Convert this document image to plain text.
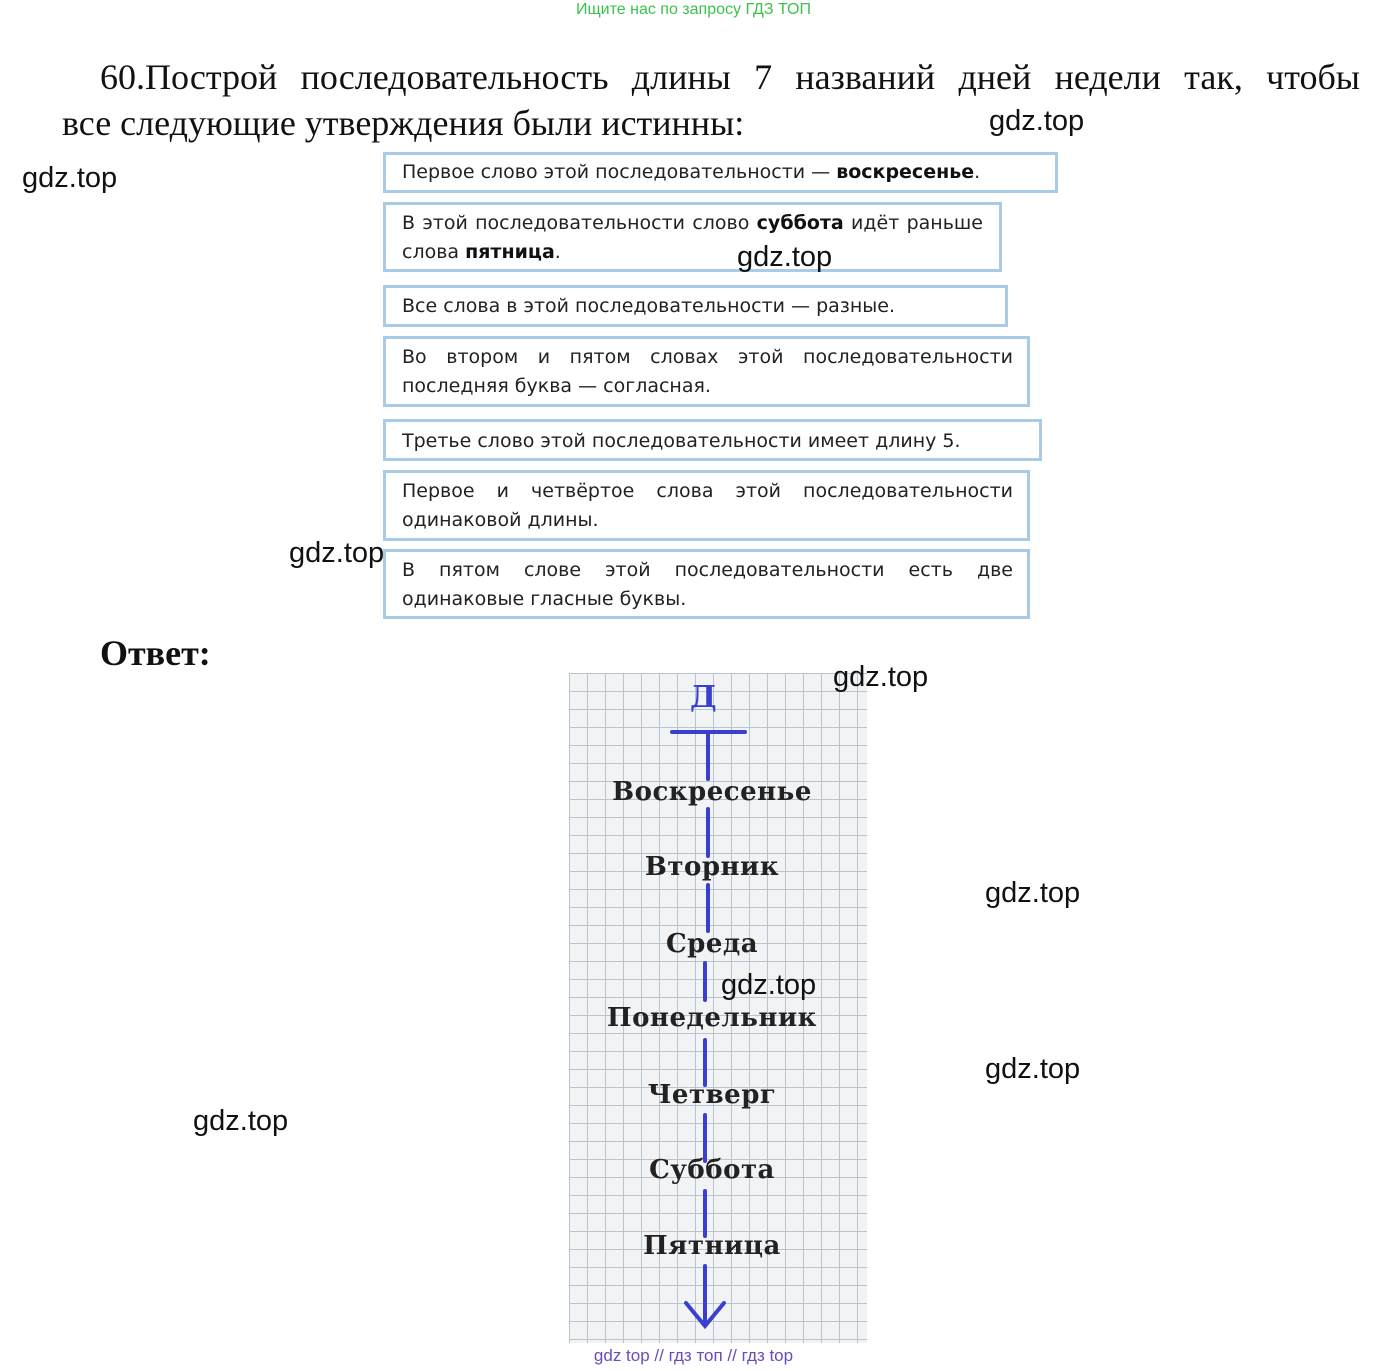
Ищите нас по запросу ГДЗ ТОП
60.Построй последовательность длины 7 названий дней недели так, чтобы
все следующие утверждения были истинны:
Первое слово этой последовательности — воскресенье.
В этой последовательности слово суббота идёт раньше слова пятница.
Все слова в этой последовательности — разные.
Во втором и пятом словах этой последовательности последняя буква — согласная.
Третье слово этой последовательности имеет длину 5.
Первое и четвёртое слова этой последовательности одинаковой длины.
В пятом слове этой последовательности есть две одинаковые гласные буквы.
Ответ:
Д
Воскресенье
Вторник
Среда
Понедельник
Четверг
Суббота
Пятница
gdz.top
gdz.top
gdz.top
gdz.top
gdz.top
gdz.top
gdz.top
gdz.top
gdz.top
gdz top // гдз топ // гдз top
